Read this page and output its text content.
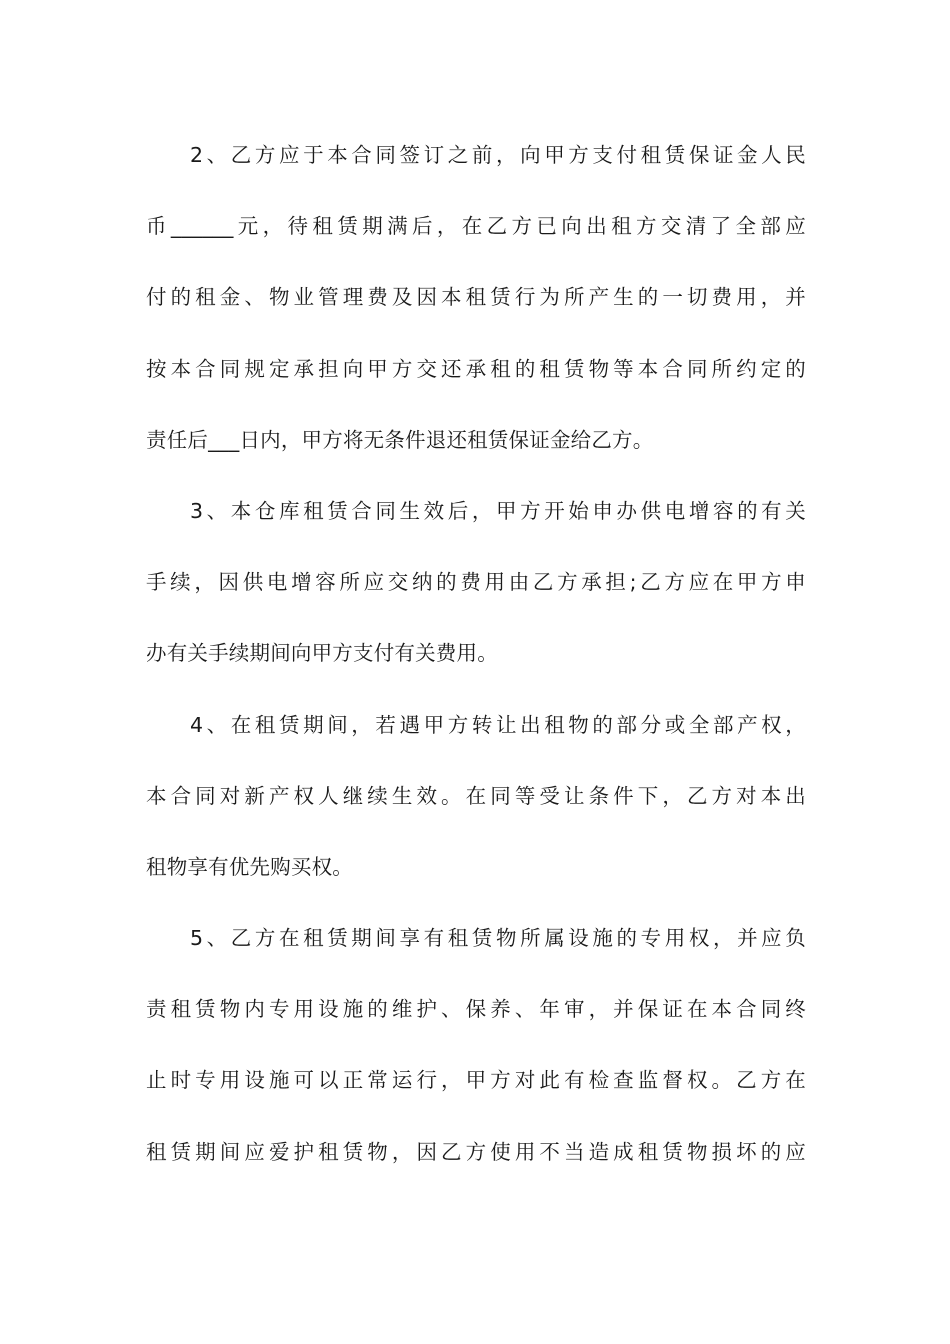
2、乙方应于本合同签订之前，向甲方支付租赁保证金人民
币______元，待租赁期满后，在乙方已向出租方交清了全部应
付的租金、物业管理费及因本租赁行为所产生的一切费用，并
按本合同规定承担向甲方交还承租的租赁物等本合同所约定的
责任后___日内，甲方将无条件退还租赁保证金给乙方。
3、本仓库租赁合同生效后，甲方开始申办供电增容的有关
手续，因供电增容所应交纳的费用由乙方承担;乙方应在甲方申
办有关手续期间向甲方支付有关费用。
4、在租赁期间，若遇甲方转让出租物的部分或全部产权，
本合同对新产权人继续生效。在同等受让条件下，乙方对本出
租物享有优先购买权。
5、乙方在租赁期间享有租赁物所属设施的专用权，并应负
责租赁物内专用设施的维护、保养、年审，并保证在本合同终
止时专用设施可以正常运行，甲方对此有检查监督权。乙方在
租赁期间应爱护租赁物，因乙方使用不当造成租赁物损坏的应
